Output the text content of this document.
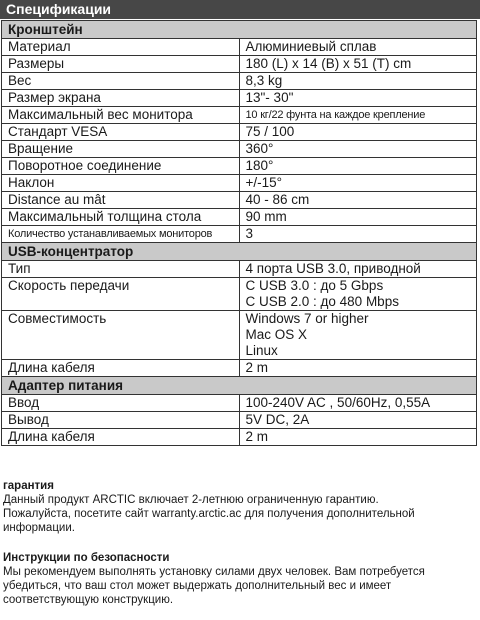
Спецификации
Кронштейн	
Материал	Алюминиевый сплав
Размеры	180 (L) x 14 (B) x 51 (T) cm
Вес	8,3 kg
Размер экрана	13"- 30"
Максимальный вес монитора	10 кг/22 фунта на каждое крепление
Стандарт VESA	75 / 100
Вращение	360°
Поворотное соединение	180°
Наклон	+/-15°
Distance au mât	40 - 86 cm
Максимальный толщина стола	90 mm
Количество устанавливаемых мониторов	3
USB-концентратор	
Тип	4 порта USB 3.0, приводной
Скорость передачи	С USB 3.0 : до 5 Gbps
С USB 2.0 : до 480 Mbps

Совместимость	Windows 7 or higher
Mac OS X
Linux

Длина кабеля	2 m
Адаптер питания	
Ввод	100-240V AC , 50/60Hz, 0,55A
Вывод	5V DC, 2A
Длина кабеля	2 m
гарантия
Данный продукт ARCTIC включает 2-летнюю ограниченную гарантию.
Пожалуйста, посетите сайт warranty.arctic.ac для получения дополнительной
информации.
Инструкции по безопасности
Мы рекомендуем выполнять установку силами двух человек. Вам потребуется
убедиться, что ваш стол может выдержать дополнительный вес и имеет
соответствующую конструкцию.
